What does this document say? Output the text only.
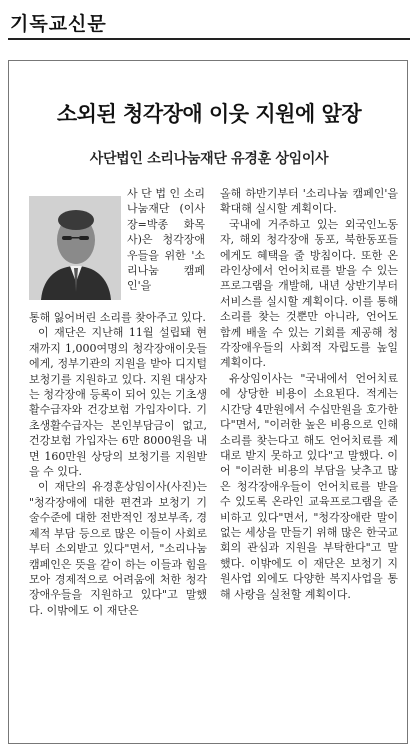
기독교신문
소외된 청각장애 이웃 지원에 앞장
사단법인 소리나눔재단 유경훈 상임이사

사 단 법 인 소리나눔재단 (이사장=박종 화목사)은 청각장애우들을 위한 '소리나눔 캠페인'을

통해 잃어버린 소리를 찾아주고 있다.

이 재단은 지난해 11월 설립돼 현재까지 1,000여명의 청각장애이웃들에게, 정부기관의 지원을 받아 디지털 보청기를 지원하고 있다. 지원 대상자는 청각장애 등록이 되어 있는 기초생활수급자와 건강보험 가입자이다. 기초생활수급자는 본인부담금이 없고, 건강보험 가입자는 6만 8000원을 내면 160만원 상당의 보청기를 지원받을 수 있다.

이 재단의 유경훈상임이사(사진)는 "청각장애에 대한 편견과 보청기 기술수준에 대한 전반적인 정보부족, 경제적 부담 등으로 많은 이들이 사회로부터 소외받고 있다"면서, "소리나눔 캠페인은 뜻을 같이 하는 이들과 힘을 모아 경제적으로 어려움에 처한 청각장애우들을 지원하고 있다"고 말했다. 이밖에도 이 재단은

올해 하반기부터 '소리나눔 캠페인'을 확대해 실시할 계획이다.

국내에 거주하고 있는 외국인노동자, 해외 청각장애 동포, 북한동포들에게도 혜택을 줄 방침이다. 또한 온라인상에서 언어치료를 받을 수 있는 프로그램을 개발해, 내년 상반기부터 서비스를 실시할 계획이다. 이를 통해 소리를 찾는 것뿐만 아니라, 언어도 함께 배울 수 있는 기회를 제공해 청각장애우들의 사회적 자립도를 높일 계획이다.

유상임이사는 "국내에서 언어치료에 상당한 비용이 소요된다. 적게는 시간당 4만원에서 수십만원을 호가한다"면서, "이러한 높은 비용으로 인해 소리를 찾는다고 해도 언어치료를 제대로 받지 못하고 있다"고 말했다. 이어 "이러한 비용의 부담을 낮추고 많은 청각장애우들이 언어치료를 받을 수 있도록 온라인 교육프로그램을 준비하고 있다"면서, "청각장애란 말이 없는 세상을 만들기 위해 많은 한국교회의 관심과 지원을 부탁한다"고 말했다. 이밖에도 이 재단은 보청기 지원사업 외에도 다양한 복지사업을 통해 사랑을 실천할 계획이다.
